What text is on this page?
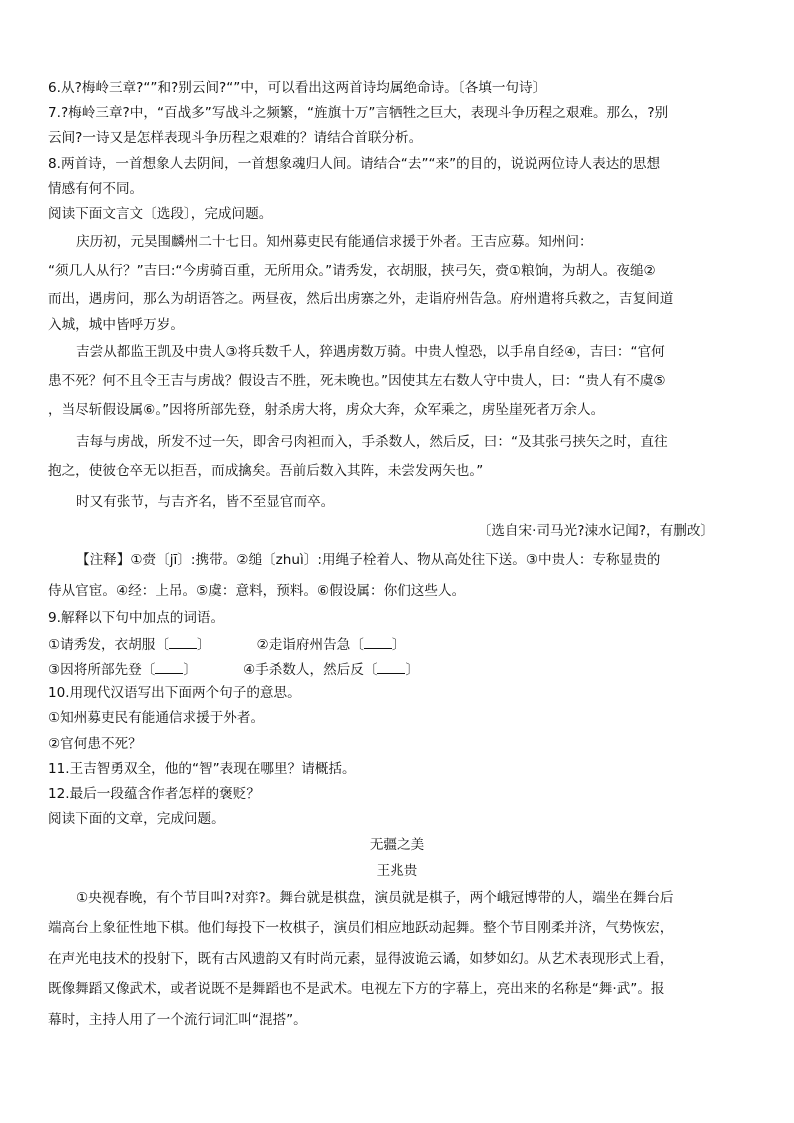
6.从?梅岭三章?“”和?别云间?“”中，可以看出这两首诗均属绝命诗。〔各填一句诗〕
7.?梅岭三章?中，“百战多”写战斗之频繁，“旌旗十万”言牺牲之巨大，表现斗争历程之艰难。那么，?别
云间?一诗又是怎样表现斗争历程之艰难的？请结合首联分析。
8.两首诗，一首想象人去阴间，一首想象魂归人间。请结合“去”“来”的目的，说说两位诗人表达的思想
情感有何不同。
阅读下面文言文〔选段〕，完成问题。
庆历初，元昊围麟州二十七日。知州募吏民有能通信求援于外者。王吉应募。知州问：
“须几人从行？”吉曰:“今虏骑百重，无所用众。”请秀发，衣胡服，挟弓矢，赍①粮饷，为胡人。夜缒②
而出，遇虏问，那么为胡语答之。两昼夜，然后出虏寨之外，走诣府州告急。府州遣将兵救之，吉复间道
入城，城中皆呼万岁。
吉尝从都监王凯及中贵人③将兵数千人，猝遇虏数万骑。中贵人惶恐，以手帛自经④，吉曰：“官何
患不死？何不且令王吉与虏战？假设吉不胜，死未晚也。”因使其左右数人守中贵人，曰：“贵人有不虞⑤
，当尽斩假设属⑥。”因将所部先登，射杀虏大将，虏众大奔，众军乘之，虏坠崖死者万余人。
吉每与虏战，所发不过一矢，即舍弓肉袒而入，手杀数人，然后反，曰：“及其张弓挟矢之时，直往
抱之，使彼仓卒无以拒吾，而成擒矣。吾前后数入其阵，未尝发两矢也。”
时又有张节，与吉齐名，皆不至显官而卒。
〔选自宋·司马光?涑水记闻?，有删改〕
【注释】①赍〔jī〕:携带。②缒〔zhuì〕:用绳子栓着人、物从高处往下送。③中贵人：专称显贵的
侍从官宦。④经：上吊。⑤虞：意料，预料。⑥假设属：你们这些人。
9.解释以下句中加点的词语。
①请秀发，衣胡服〔 〕	②走诣府州告急〔 〕
③因将所部先登〔 〕	④手杀数人，然后反〔 〕
10.用现代汉语写出下面两个句子的意思。
①知州募吏民有能通信求援于外者。
②官何患不死？
11.王吉智勇双全，他的“智”表现在哪里？请概括。
12.最后一段蕴含作者怎样的褒贬？
阅读下面的文章，完成问题。
无疆之美
王兆贵
①央视春晚，有个节目叫?对弈?。舞台就是棋盘，演员就是棋子，两个峨冠博带的人，端坐在舞台后
端高台上象征性地下棋。他们每投下一枚棋子，演员们相应地跃动起舞。整个节目刚柔并济，气势恢宏，
在声光电技术的投射下，既有古风遗韵又有时尚元素，显得波诡云谲，如梦如幻。从艺术表现形式上看，
既像舞蹈又像武术，或者说既不是舞蹈也不是武术。电视左下方的字幕上，亮出来的名称是“舞·武”。报
幕时，主持人用了一个流行词汇叫“混搭”。
